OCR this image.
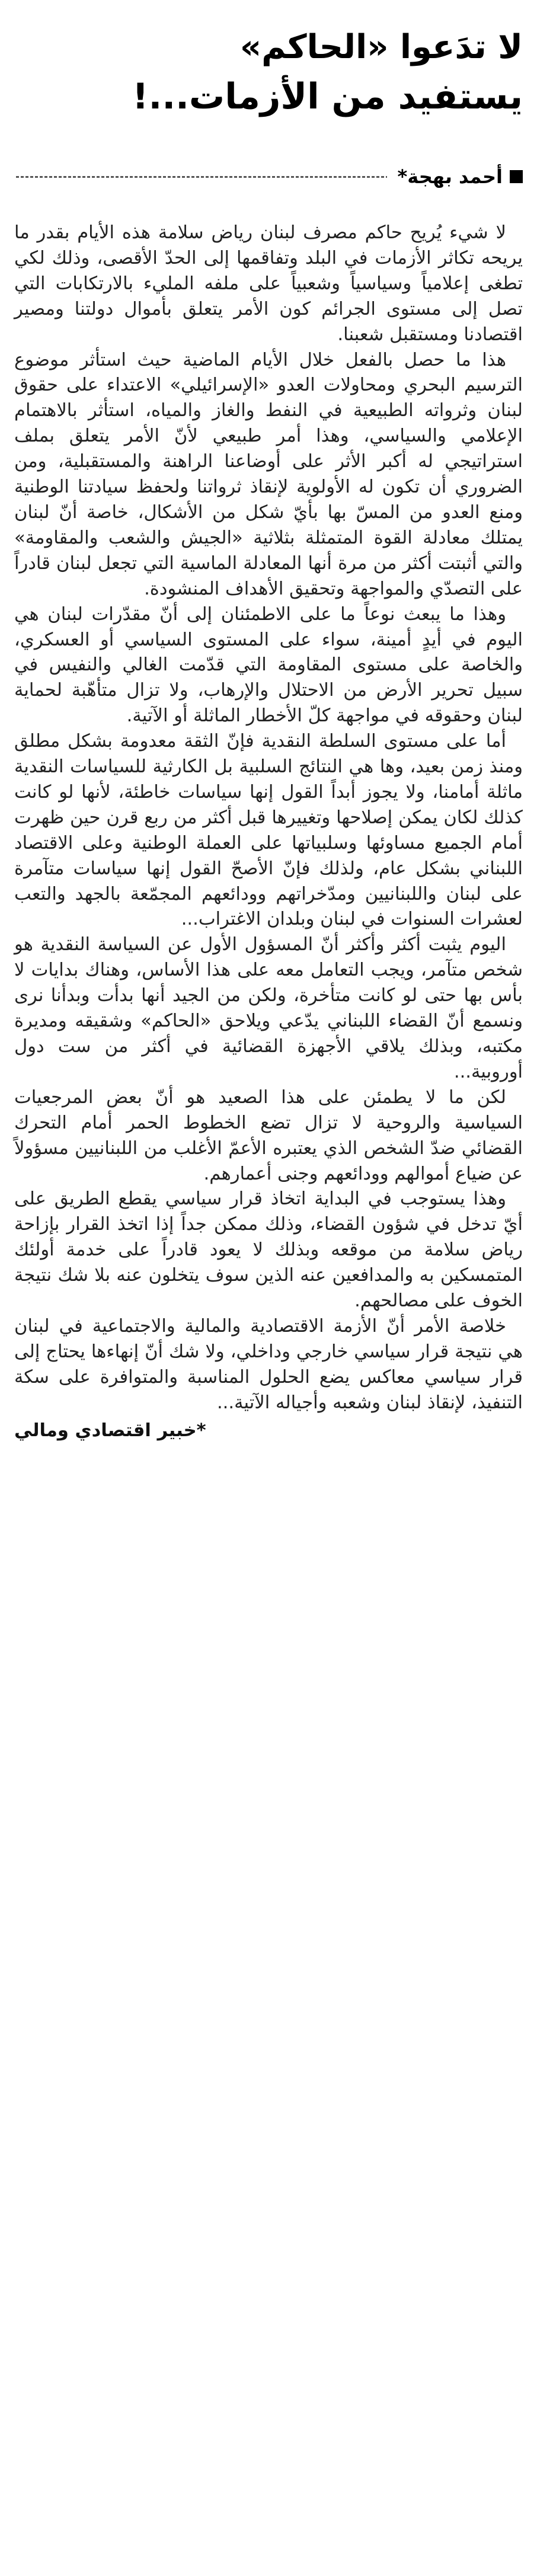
لا تدَعوا «الحاكم»
يستفيد من الأزمات...!
أحمد بهجة*

لا شيء يُريح حاكم مصرف لبنان رياض سلامة هذه الأيام بقدر ما يريحه تكاثر الأزمات في البلد وتفاقمها إلى الحدّ الأقصى، وذلك لكي تطغى إعلامياً وسياسياً وشعبياً على ملفه المليء بالارتكابات التي تصل إلى مستوى الجرائم كون الأمر يتعلق بأموال دولتنا ومصير اقتصادنا ومستقبل شعبنا.

هذا ما حصل بالفعل خلال الأيام الماضية حيث استأثر موضوع الترسيم البحري ومحاولات العدو «الإسرائيلي» الاعتداء على حقوق لبنان وثرواته الطبيعية في النفط والغاز والمياه، استأثر بالاهتمام الإعلامي والسياسي، وهذا أمر طبيعي لأنّ الأمر يتعلق بملف استراتيجي له أكبر الأثر على أوضاعنا الراهنة والمستقبلية، ومن الضروري أن تكون له الأولوية لإنقاذ ثرواتنا ولحفظ سيادتنا الوطنية ومنع العدو من المسّ بها بأيّ شكل من الأشكال، خاصة أنّ لبنان يمتلك معادلة القوة المتمثلة بثلاثية «الجيش والشعب والمقاومة» والتي أثبتت أكثر من مرة أنها المعادلة الماسية التي تجعل لبنان قادراً على التصدّي والمواجهة وتحقيق الأهداف المنشودة.

وهذا ما يبعث نوعاً ما على الاطمئنان إلى أنّ مقدّرات لبنان هي اليوم في أيدٍ أمينة، سواء على المستوى السياسي أو العسكري، والخاصة على مستوى المقاومة التي قدّمت الغالي والنفيس في سبيل تحرير الأرض من الاحتلال والإرهاب، ولا تزال متأهّبة لحماية لبنان وحقوقه في مواجهة كلّ الأخطار الماثلة أو الآتية.

أما على مستوى السلطة النقدية فإنّ الثقة معدومة بشكل مطلق ومنذ زمن بعيد، وها هي النتائج السلبية بل الكارثية للسياسات النقدية ماثلة أمامنا، ولا يجوز أبداً القول إنها سياسات خاطئة، لأنها لو كانت كذلك لكان يمكن إصلاحها وتغييرها قبل أكثر من ربع قرن حين ظهرت أمام الجميع مساوئها وسلبياتها على العملة الوطنية وعلى الاقتصاد اللبناني بشكل عام، ولذلك فإنّ الأصحّ القول إنها سياسات متآمرة على لبنان واللبنانيين ومدّخراتهم وودائعهم المجمّعة بالجهد والتعب لعشرات السنوات في لبنان وبلدان الاغتراب...

اليوم يثبت أكثر وأكثر أنّ المسؤول الأول عن السياسة النقدية هو شخص متآمر، ويجب التعامل معه على هذا الأساس، وهناك بدايات لا بأس بها حتى لو كانت متأخرة، ولكن من الجيد أنها بدأت وبدأنا نرى ونسمع أنّ القضاء اللبناني يدّعي ويلاحق «الحاكم» وشقيقه ومديرة مكتبه، وبذلك يلاقي الأجهزة القضائية في أكثر من ست دول أوروبية...

لكن ما لا يطمئن على هذا الصعيد هو أنّ بعض المرجعيات السياسية والروحية لا تزال تضع الخطوط الحمر أمام التحرك القضائي ضدّ الشخص الذي يعتبره الأعمّ الأغلب من اللبنانيين مسؤولاً عن ضياع أموالهم وودائعهم وجنى أعمارهم.

وهذا يستوجب في البداية اتخاذ قرار سياسي يقطع الطريق على أيّ تدخل في شؤون القضاء، وذلك ممكن جداً إذا اتخذ القرار بإزاحة رياض سلامة من موقعه وبذلك لا يعود قادراً على خدمة أولئك المتمسكين به والمدافعين عنه الذين سوف يتخلون عنه بلا شك نتيجة الخوف على مصالحهم.

خلاصة الأمر أنّ الأزمة الاقتصادية والمالية والاجتماعية في لبنان هي نتيجة قرار سياسي خارجي وداخلي، ولا شك أنّ إنهاءها يحتاج إلى قرار سياسي معاكس يضع الحلول المناسبة والمتوافرة على سكة التنفيذ، لإنقاذ لبنان وشعبه وأجياله الآتية...

*خبير اقتصادي ومالي
